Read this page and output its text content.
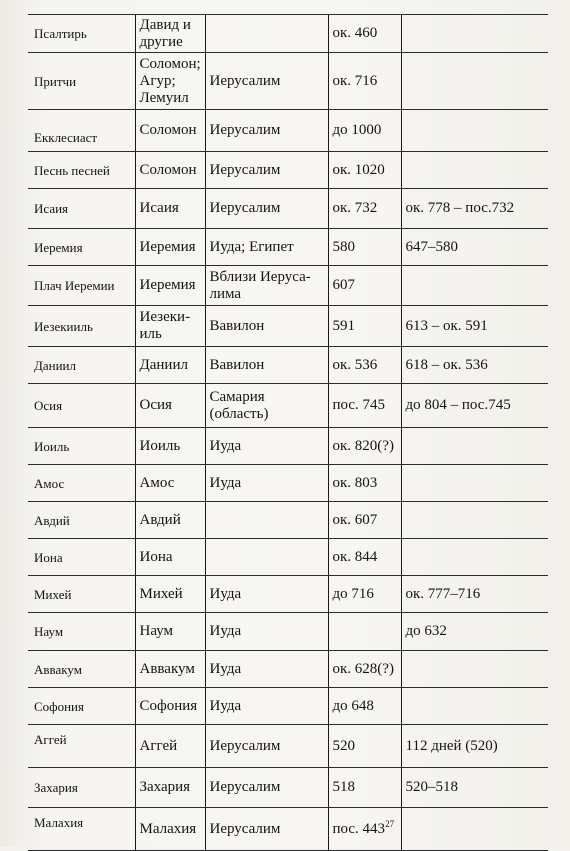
Псалтирь	Давид и другие		ок. 460	
Притчи	Соломон; Агур; Лемуил	Иерусалим	ок. 716	
Екклесиаст	Соломон	Иерусалим	до 1000	
Песнь песней	Соломон	Иерусалим	ок. 1020	
Исаия	Исаия	Иерусалим	ок. 732	ок. 778 – пос.732
Иеремия	Иеремия	Иуда; Египет	580	647–580
Плач Иеремии	Иеремия	Вблизи Иеруса-лима	607	
Иезекииль	Иезеки-иль	Вавилон	591	613 – ок. 591
Даниил	Даниил	Вавилон	ок. 536	618 – ок. 536
Осия	Осия	Самария (область)	пос. 745	до 804 – пос.745
Иоиль	Иоиль	Иуда	ок. 820(?)	
Амос	Амос	Иуда	ок. 803	
Авдий	Авдий		ок. 607	
Иона	Иона		ок. 844	
Михей	Михей	Иуда	до 716	ок. 777–716
Наум	Наум	Иуда		до 632
Аввакум	Аввакум	Иуда	ок. 628(?)	
Софония	Софония	Иуда	до 648	
Аггей	Аггей	Иерусалим	520	112 дней (520)
Захария	Захария	Иерусалим	518	520–518
Малахия	Малахия	Иерусалим	пос. $443^{27}$	
